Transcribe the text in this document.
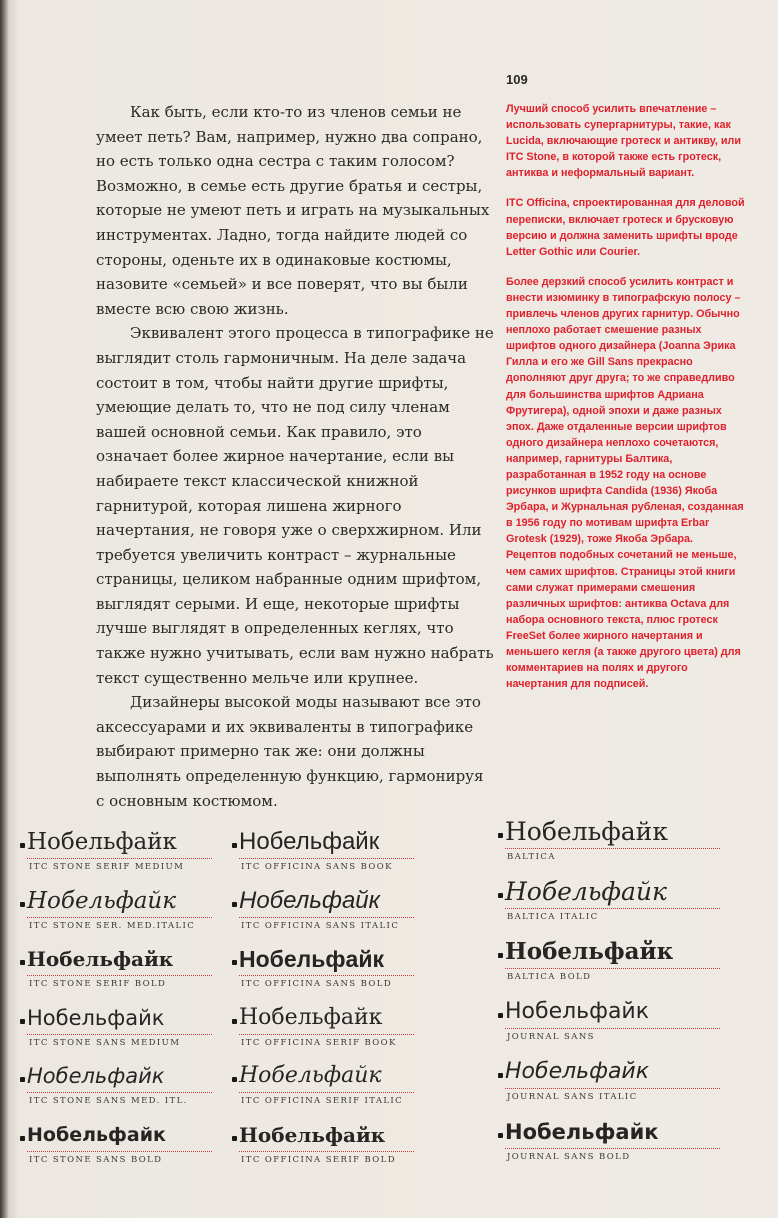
109

Как быть, если кто-то из членов семьи не умеет петь? Вам, например, нужно два сопрано, но есть только одна сестра с таким голосом? Возможно, в семье есть другие братья и сестры, которые не умеют петь и играть на музыкальных инструментах. Ладно, тогда найдите людей со стороны, оденьте их в одинаковые костюмы, назовите «семьей» и все поверят, что вы были вместе всю свою жизнь.

Эквивалент этого процесса в типографике не выглядит столь гармоничным. На деле задача состоит в том, чтобы найти другие шрифты, умеющие делать то, что не под силу членам вашей основной семьи. Как правило, это означает более жирное начертание, если вы набираете текст классической книжной гарнитурой, которая лишена жирного начертания, не говоря уже о сверхжирном. Или требуется увеличить контраст – журнальные страницы, целиком набранные одним шрифтом, выглядят серыми. И еще, некоторые шрифты лучше выглядят в определенных кеглях, что также нужно учитывать, если вам нужно набрать текст существенно мельче или крупнее.

Дизайнеры высокой моды называют все это аксессуарами и их эквиваленты в типографике выбирают примерно так же: они должны выполнять определенную функцию, гармонируя с основным костюмом.

Лучший способ усилить впечатление – использовать супергарнитуры, такие, как Lucida, включающие гротеск и антикву, или ITC Stone, в которой также есть гротеск, антиква и неформальный вариант.

ITC Officina, спроектированная для деловой переписки, включает гротеск и брусковую версию и должна заменить шрифты вроде Letter Gothic или Courier.

Более дерзкий способ усилить контраст и внести изюминку в типографскую полосу – привлечь членов других гарнитур. Обычно неплохо работает смешение разных шрифтов одного дизайнера (Joanna Эрика Гилла и его же Gill Sans прекрасно дополняют друг друга; то же справедливо для большинства шрифтов Адриана Фрутигера), одной эпохи и даже разных эпох. Даже отдаленные версии шрифтов одного дизайнера неплохо сочетаются, например, гарнитуры Балтика, разработанная в 1952 году на основе рисунков шрифта Candida (1936) Якоба Эрбара, и Журнальная рубленая, созданная в 1956 году по мотивам шрифта Erbar Grotesk (1929), тоже Якоба Эрбара. Рецептов подобных сочетаний не меньше, чем самих шрифтов. Страницы этой книги сами служат примерами смешения различных шрифтов: антиква Octava для набора основного текста, плюс гротеск FreeSet более жирного начертания и меньшего кегля (а также другого цвета) для комментариев на полях и другого начертания для подписей.

Нобельфайк
ITC STONE SERIF MEDIUM
Нобельфайк
ITC STONE SER. MED.ITALIC
Нобельфайк
ITC STONE SERIF BOLD
Нобельфайк
ITC STONE SANS MEDIUM
Нобельфайк
ITC STONE SANS MED. ITL.
Нобельфайк
ITC STONE SANS BOLD
Нобельфайк
ITC OFFICINA SANS BOOK
Нобельфайк
ITC OFFICINA SANS ITALIC
Нобельфайк
ITC OFFICINA SANS BOLD
Нобельфайк
ITC OFFICINA SERIF BOOK
Нобельфайк
ITC OFFICINA SERIF ITALIC
Нобельфайк
ITC OFFICINA SERIF BOLD
Нобельфайк
BALTICA
Нобельфайк
BALTICA ITALIC
Нобельфайк
BALTICA BOLD
Нобельфайк
JOURNAL SANS
Нобельфайк
JOURNAL SANS ITALIC
Нобельфайк
JOURNAL SANS BOLD
